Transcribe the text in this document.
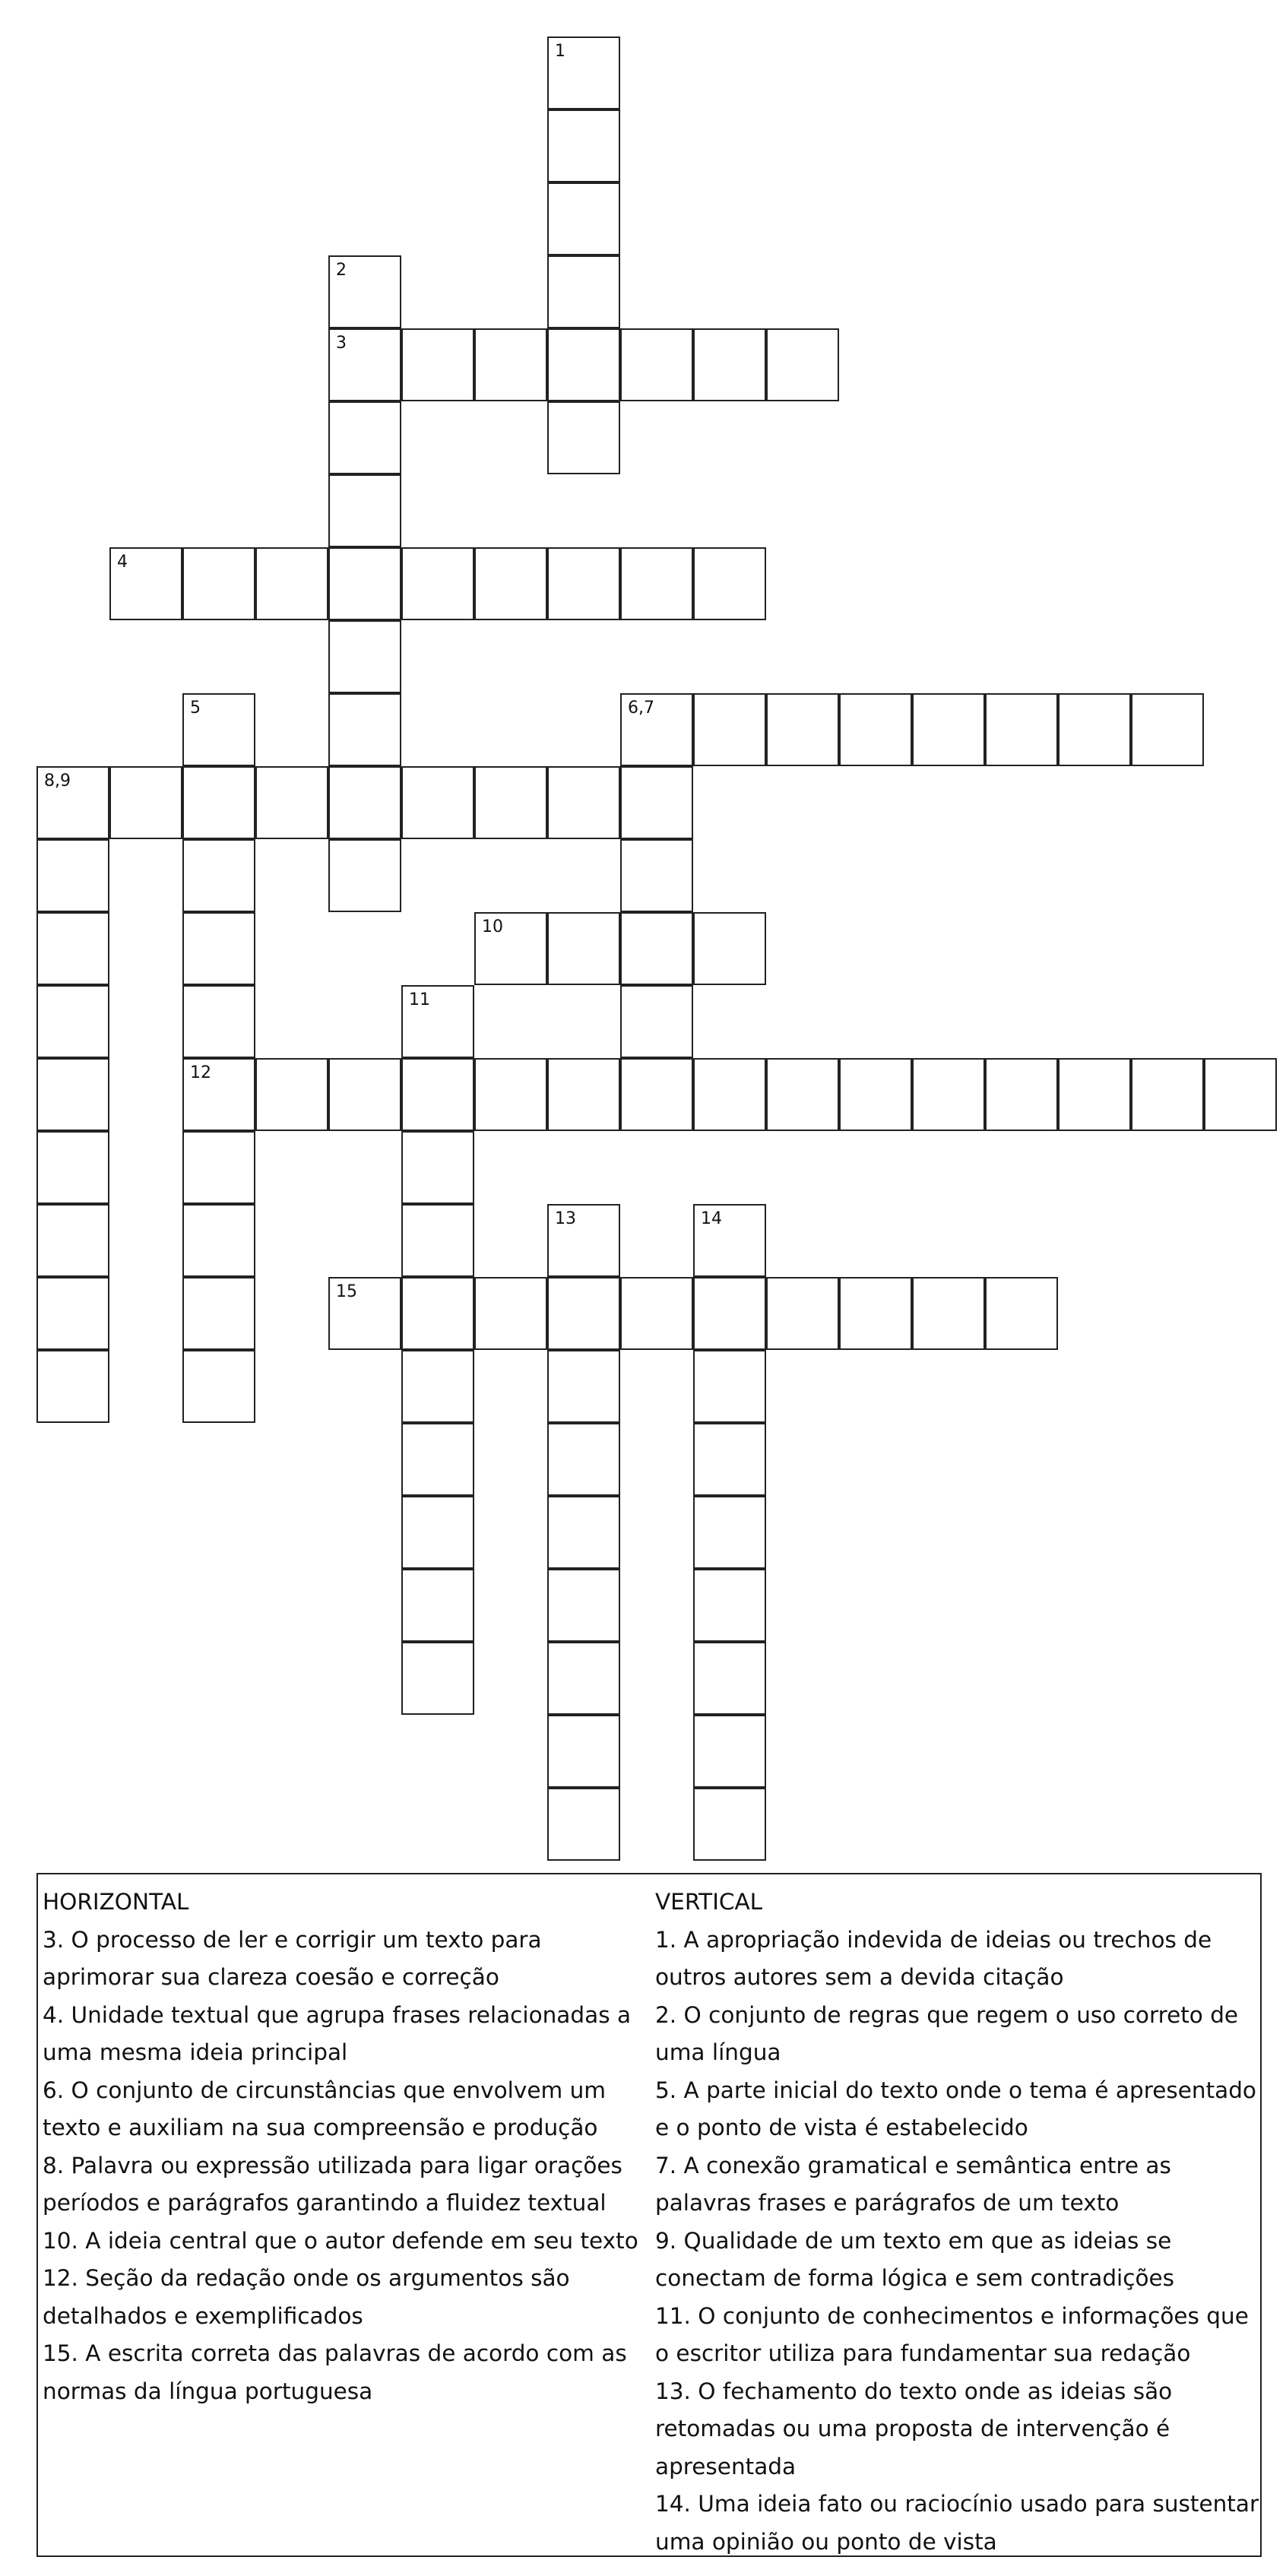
1
2
3
4
5
12
6,7
8,9
10
11
13	14
15
HORIZONTAL
3. O processo de ler e corrigir um texto para aprimorar sua clareza coesão e correção
4. Unidade textual que agrupa frases relacionadas a uma mesma ideia principal
6. O conjunto de circunstâncias que envolvem um texto e auxiliam na sua compreensão e produção
8. Palavra ou expressão utilizada para ligar orações períodos e parágrafos garantindo a fluidez textual
10. A ideia central que o autor defende em seu texto
12. Seção da redação onde os argumentos são detalhados e exemplificados
15. A escrita correta das palavras de acordo com as normas da língua portuguesa
VERTICAL
1. A apropriação indevida de ideias ou trechos de outros autores sem a devida citação
2. O conjunto de regras que regem o uso correto de uma língua
5. A parte inicial do texto onde o tema é apresentado e o ponto de vista é estabelecido
7. A conexão gramatical e semântica entre as palavras frases e parágrafos de um texto
9. Qualidade de um texto em que as ideias se conectam de forma lógica e sem contradições
11. O conjunto de conhecimentos e informações que o escritor utiliza para fundamentar sua redação
13. O fechamento do texto onde as ideias são retomadas ou uma proposta de intervenção é apresentada
14. Uma ideia fato ou raciocínio usado para sustentar uma opinião ou ponto de vista
